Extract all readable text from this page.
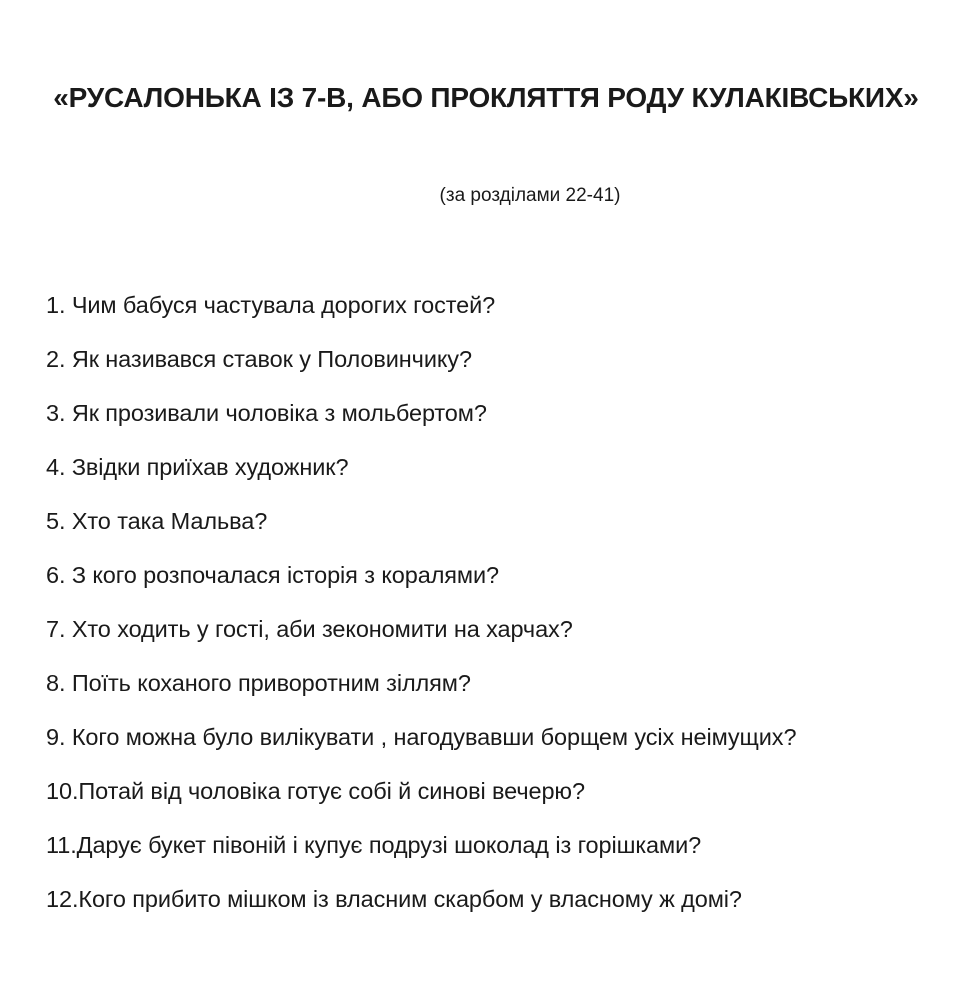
«РУСАЛОНЬКА ІЗ 7-В, АБО ПРОКЛЯТТЯ РОДУ КУЛАКІВСЬКИХ»
(за розділами 22-41)
1. Чим бабуся частувала дорогих гостей?
2. Як називався ставок у Половинчику?
3. Як прозивали чоловіка з мольбертом?
4. Звідки приїхав художник?
5. Хто така Мальва?
6. З кого розпочалася історія з коралями?
7. Хто ходить у гості, аби зекономити на харчах?
8. Поїть коханого приворотним зіллям?
9. Кого можна було вилікувати , нагодувавши борщем усіх неімущих?
10.Потай від чоловіка готує собі й синові вечерю?
11.Дарує букет півоній і купує подрузі шоколад із горішками?
12.Кого прибито мішком із власним скарбом у власному ж домі?
